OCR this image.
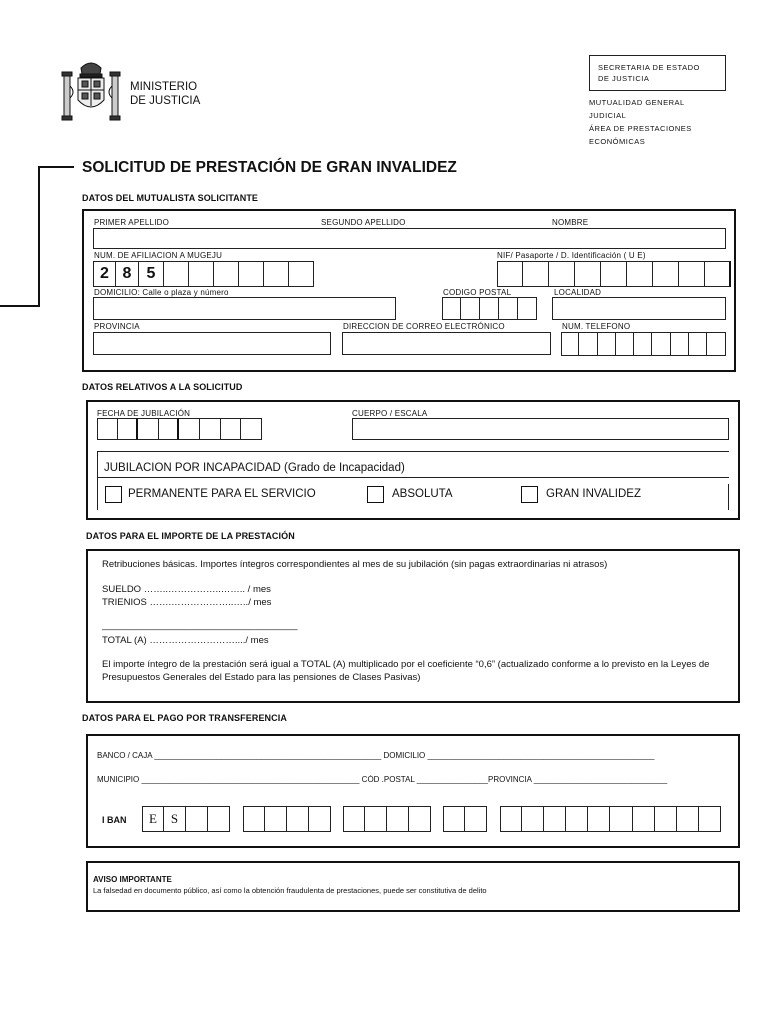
MINISTERIO
DE JUSTICIA
SECRETARIA DE ESTADO
DE JUSTICIA
MUTUALIDAD GENERAL
JUDICIAL
ÁREA DE PRESTACIONES
ECONÓMICAS
SOLICITUD DE PRESTACIÓN DE GRAN INVALIDEZ
DATOS DEL MUTUALISTA SOLICITANTE
PRIMER APELLIDO	SEGUNDO APELLIDO	NOMBRE
NUM. DE AFILIACION A MUGEJU	NIF/ Pasaporte / D. Identificación ( U E)
2 8 5
DOMICILIO: Calle o plaza y número	CODIGO POSTAL	LOCALIDAD
PROVINCIA	DIRECCION DE CORREO ELECTRÓNICO	NUM. TELEFONO
DATOS RELATIVOS A LA SOLICITUD
FECHA DE JUBILACIÓN	CUERPO / ESCALA
JUBILACION POR INCAPACIDAD (Grado de Incapacidad)
PERMANENTE PARA EL SERVICIO	ABSOLUTA	GRAN INVALIDEZ
DATOS PARA EL IMPORTE DE LA PRESTACIÓN
Retribuciones básicas. Importes íntegros correspondientes al mes de su jubilación (sin pagas extraordinarias ni atrasos)
SUELDO ……..……………..…….. / mes
TRIENIOS …….………………..…../ mes
_____________________________________
TOTAL (A) ………………………..../ mes
El importe íntegro de la prestación será igual a TOTAL (A) multiplicado por el coeficiente “0,6” (actualizado conforme a lo previsto en la Leyes de Presupuestos Generales del Estado para las pensiones de Clases Pasivas)
DATOS PARA EL PAGO POR TRANSFERENCIA
BANCO / CAJA ___________________________________________________ DOMICILIO ___________________________________________________
MUNICIPIO _________________________________________________ CÓD .POSTAL ________________PROVINCIA ______________________________
I BAN	E	S
AVISO IMPORTANTE
La falsedad en documento público, así como la obtención fraudulenta de prestaciones, puede ser constitutiva de delito
